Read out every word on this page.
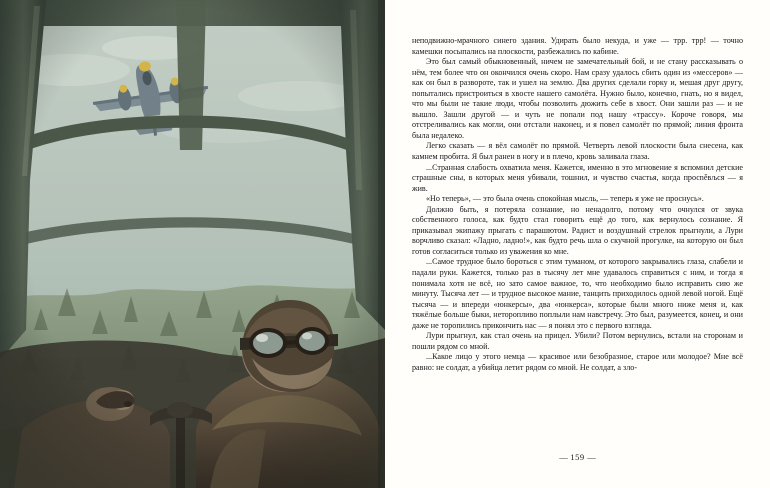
неподвижно-мрачного синего здания. Удирать было некуда, и уже — трр. трр! — точно камешки посыпались на плоскости, разбежались по кабине.

Это был самый обыкновенный, ничем не замечательный бой, и не стану рассказывать о нём, тем более что он окончился очень скоро. Нам сразу удалось сбить один из «мессеров» — как он был в развороте, так и ушел на землю. Два других сделали горку и, мешая друг другу, попытались пристроиться в хвосте нашего самолёта. Нужно было, конечно, гнать, но я видел, что мы были не такие люди, чтобы позволить дюжить себе в хвост. Они зашли раз — и не вышло. Зашли другой — и чуть не попали под нашу «трассу». Короче говоря, мы отстреливались как могли, они отстали наконец, и я повел самолёт по прямой; линия фронта была недалеко.

Легко сказать — я вёл самолёт по прямой. Четверть левой плоскости была снесена, как камнем пробита. Я был ранен в ногу и в плечо, кровь заливала глаза.

...Странная слабость охватила меня. Кажется, именно в это мгновение я вспомнил детские страшные сны, в которых меня убивали, тошнил, и чувство счастья, когда просněвљся — я жив.

«Но теперь», — это была очень спокойная мысль, — теперь я уже не проснусь».

Должно быть, я потеряла сознание, но ненадолго, потому что очнулся от звука собственного голоса, как будто стал говорить ещё до того, как вернулось сознание. Я приказывал экипажу прыгать с парашютом. Радист и воздушный стрелок прыгнули, а Лури ворчливо сказал: «Ладно, ладно!», как будто речь шла о скучной прогулке, на которую он был готов согласиться только из уважения ко мне.

...Самое трудное было бороться с этим туманом, от которого закрывались глаза, слабели и падали руки. Кажется, только раз в тысячу лет мне удавалось справиться с ним, и тогда я понимала хотя не всё, но зато самое важное, то, что необходимо было исправить сию же минуту. Тысяча лет — и трудное высокое мание, танцить приходилось одной левой ногой. Ещё тысяча — и впереди «юнкерсы», два «юнкерса», которые были много ниже меня и, как тяжёлые больше быки, неторопливо поплыли нам навстречу. Это был, разумеется, конец, и они даже не торопились прикончить нас — я понял это с первого взгляда.

Лури прыгнул, как стал очень на прицел. Убили? Потом вернулись, встали на сторонам и пошли рядом со мной.

...Какое лицо у этого немца — красивое или безобразное, старое или молодое? Мне всё равно: не солдат, а убийца летит рядом со мной. Не солдат, а зло-

— 159 —
